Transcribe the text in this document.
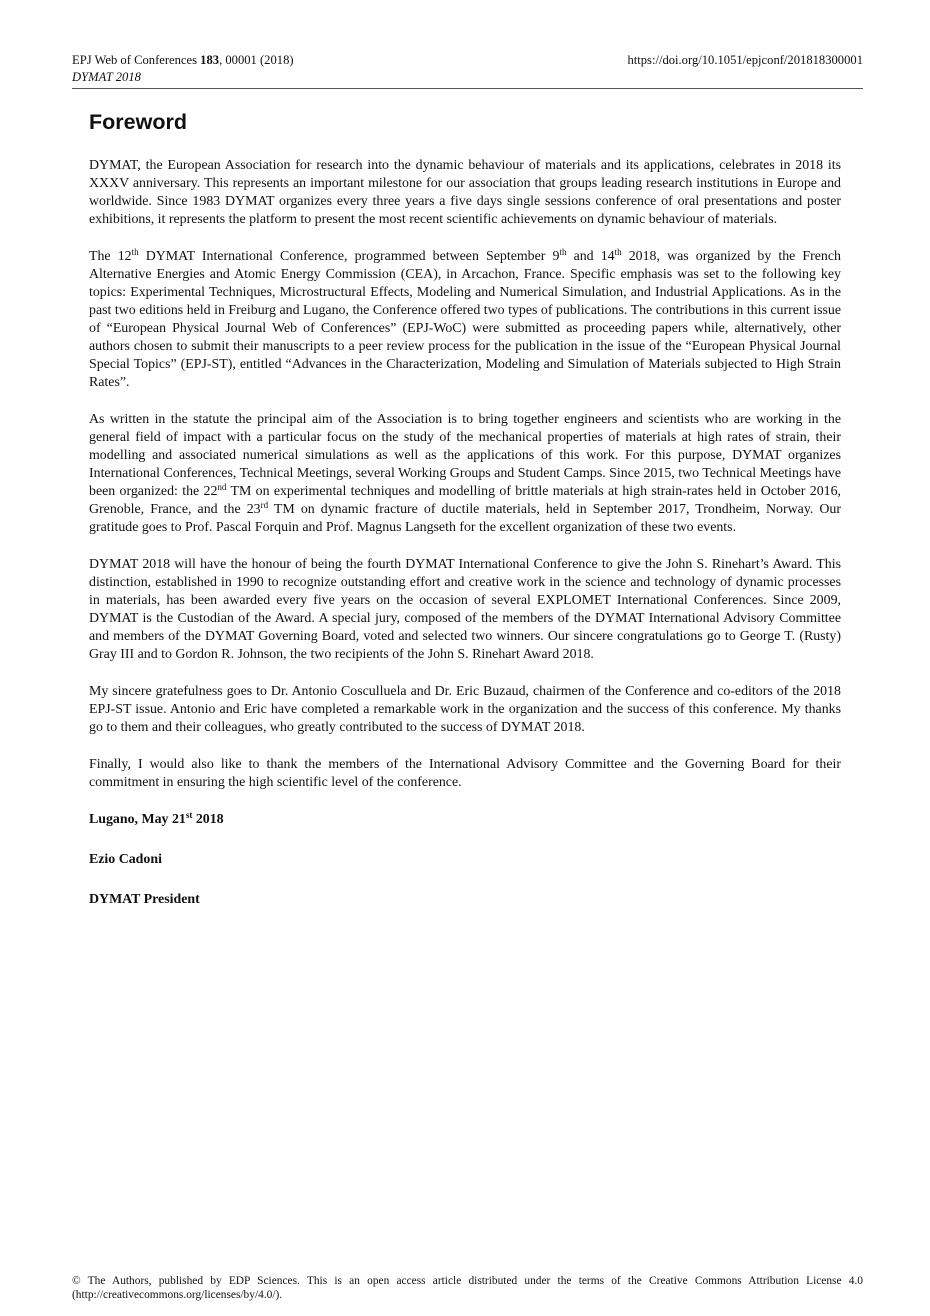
EPJ Web of Conferences 183, 00001 (2018)
DYMAT 2018
https://doi.org/10.1051/epjconf/201818300001
Foreword

DYMAT, the European Association for research into the dynamic behaviour of materials and its applications, celebrates in 2018 its XXXV anniversary. This represents an important milestone for our association that groups leading research institutions in Europe and worldwide. Since 1983 DYMAT organizes every three years a five days single sessions conference of oral presentations and poster exhibitions, it represents the platform to present the most recent scientific achievements on dynamic behaviour of materials.

The 12th DYMAT International Conference, programmed between September 9th and 14th 2018, was organized by the French Alternative Energies and Atomic Energy Commission (CEA), in Arcachon, France. Specific emphasis was set to the following key topics: Experimental Techniques, Microstructural Effects, Modeling and Numerical Simulation, and Industrial Applications. As in the past two editions held in Freiburg and Lugano, the Conference offered two types of publications. The contributions in this current issue of “European Physical Journal Web of Conferences” (EPJ-WoC) were submitted as proceeding papers while, alternatively, other authors chosen to submit their manuscripts to a peer review process for the publication in the issue of the “European Physical Journal Special Topics” (EPJ-ST), entitled “Advances in the Characterization, Modeling and Simulation of Materials subjected to High Strain Rates”.

As written in the statute the principal aim of the Association is to bring together engineers and scientists who are working in the general field of impact with a particular focus on the study of the mechanical properties of materials at high rates of strain, their modelling and associated numerical simulations as well as the applications of this work. For this purpose, DYMAT organizes International Conferences, Technical Meetings, several Working Groups and Student Camps. Since 2015, two Technical Meetings have been organized: the 22nd TM on experimental techniques and modelling of brittle materials at high strain-rates held in October 2016, Grenoble, France, and the 23rd TM on dynamic fracture of ductile materials, held in September 2017, Trondheim, Norway. Our gratitude goes to Prof. Pascal Forquin and Prof. Magnus Langseth for the excellent organization of these two events.

DYMAT 2018 will have the honour of being the fourth DYMAT International Conference to give the John S. Rinehart’s Award. This distinction, established in 1990 to recognize outstanding effort and creative work in the science and technology of dynamic processes in materials, has been awarded every five years on the occasion of several EXPLOMET International Conferences. Since 2009, DYMAT is the Custodian of the Award. A special jury, composed of the members of the DYMAT International Advisory Committee and members of the DYMAT Governing Board, voted and selected two winners. Our sincere congratulations go to George T. (Rusty) Gray III and to Gordon R. Johnson, the two recipients of the John S. Rinehart Award 2018.

My sincere gratefulness goes to Dr. Antonio Cosculluela and Dr. Eric Buzaud, chairmen of the Conference and co-editors of the 2018 EPJ-ST issue. Antonio and Eric have completed a remarkable work in the organization and the success of this conference. My thanks go to them and their colleagues, who greatly contributed to the success of DYMAT 2018.

Finally, I would also like to thank the members of the International Advisory Committee and the Governing Board for their commitment in ensuring the high scientific level of the conference.

Lugano, May 21st 2018
Ezio Cadoni
DYMAT President
© The Authors, published by EDP Sciences. This is an open access article distributed under the terms of the Creative Commons Attribution License 4.0 (http://creativecommons.org/licenses/by/4.0/).
